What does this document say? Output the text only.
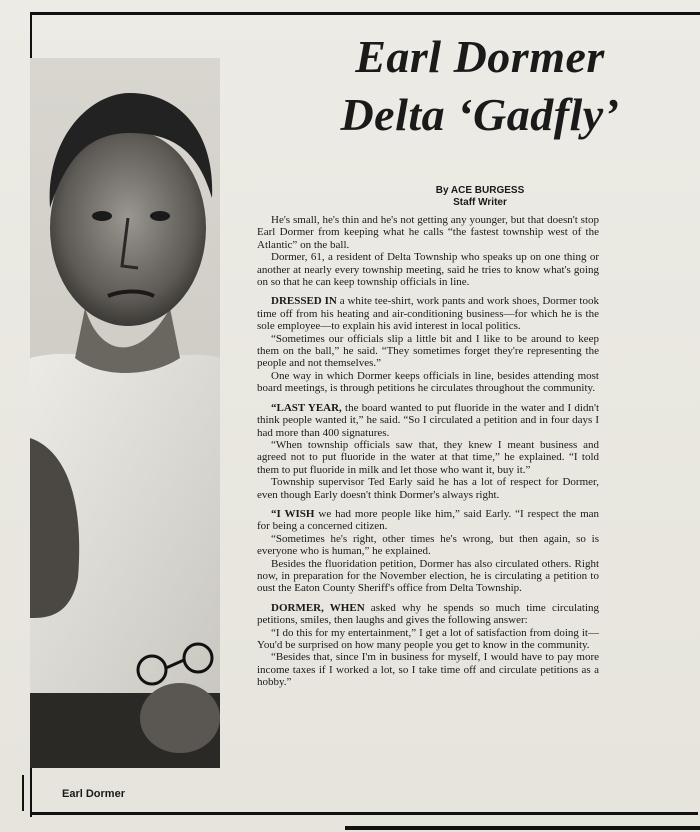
Earl Dormer
Earl Dormer
Delta ‘Gadfly’
By ACE BURGESS
Staff Writer

He's small, he's thin and he's not getting any younger, but that doesn't stop Earl Dormer from keeping what he calls “the fastest township west of the Atlantic” on the ball.

Dormer, 61, a resident of Delta Township who speaks up on one thing or another at nearly every township meeting, said he tries to know what's going on so that he can keep township officials in line.

DRESSED IN a white tee-shirt, work pants and work shoes, Dormer took time off from his heating and air-conditioning business—for which he is the sole employee—to explain his avid interest in local politics.

“Sometimes our officials slip a little bit and I like to be around to keep them on the ball,” he said. “They sometimes forget they're representing the people and not themselves.”

One way in which Dormer keeps officials in line, besides attending most board meetings, is through petitions he circulates throughout the community.

“LAST YEAR, the board wanted to put fluoride in the water and I didn't think people wanted it,” he said. “So I circulated a petition and in four days I had more than 400 signatures.

“When township officials saw that, they knew I meant business and agreed not to put fluoride in the water at that time,” he explained. “I told them to put fluoride in milk and let those who want it, buy it.”

Township supervisor Ted Early said he has a lot of respect for Dormer, even though Early doesn't think Dormer's always right.

“I WISH we had more people like him,” said Early. “I respect the man for being a concerned citizen.

“Sometimes he's right, other times he's wrong, but then again, so is everyone who is human,” he explained.

Besides the fluoridation petition, Dormer has also circulated others. Right now, in preparation for the November election, he is circulating a petition to oust the Eaton County Sheriff's office from Delta Township.

DORMER, WHEN asked why he spends so much time circulating petitions, smiles, then laughs and gives the following answer:

“I do this for my entertainment,” I get a lot of satisfaction from doing it—You'd be surprised on how many people you get to know in the community.

“Besides that, since I'm in business for myself, I would have to pay more income taxes if I worked a lot, so I take time off and circulate petitions as a hobby.”
